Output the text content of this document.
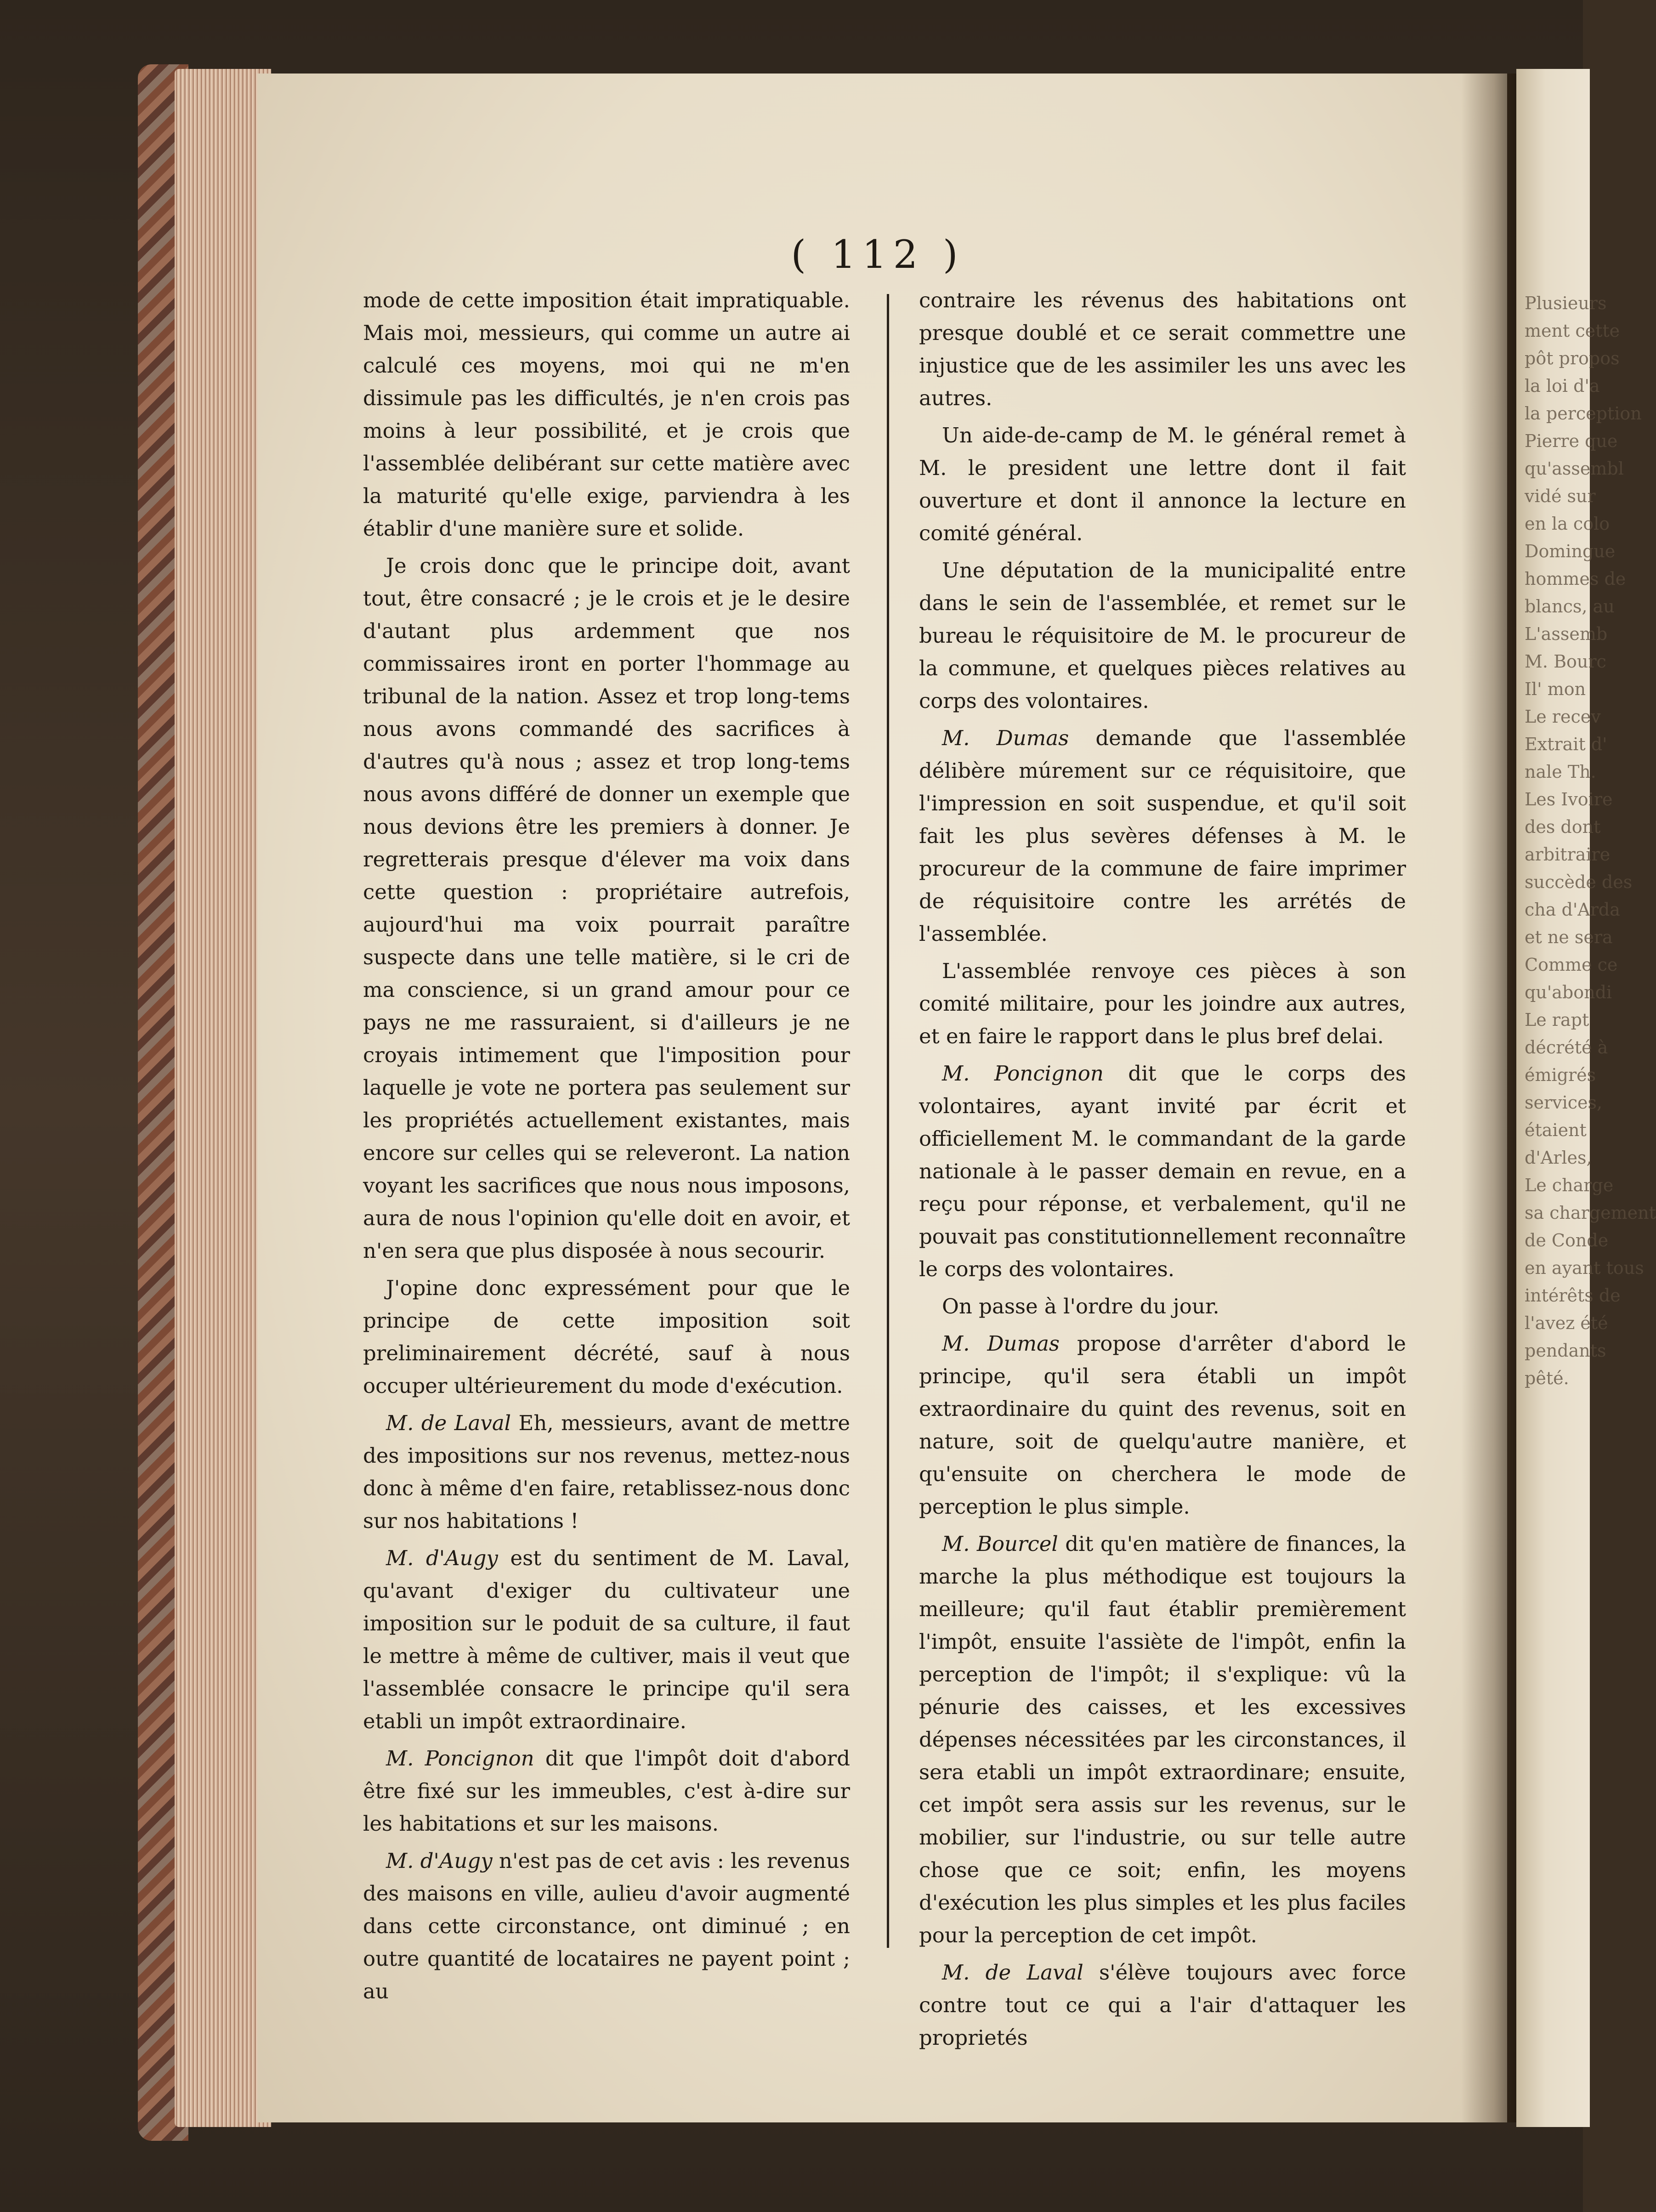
Plusieurs
ment cette
pôt propos
la loi d'a
la perception
Pierre que
qu'assembl
vidé sur
en la colo
Domingue
hommes de
blancs, au
L'assemb
M. Bourc
Il' mon
Le recev
Extrait d'
nale Th.
Les Ivoire
des dont
arbitraire
succède des
cha d'Arda
et ne sera
Comme ce
qu'abondi
Le rapt
décrété à
émigrés
services,
étaient
d'Arles,
Le charge
sa chargement
de Conde
en ayant tous
intérêts de
l'avez été
pendants
pêté.
( 112 )

mode de cette imposition était impratiquable. Mais moi, messieurs, qui comme un autre ai calculé ces moyens, moi qui ne m'en dissimule pas les difficultés, je n'en crois pas moins à leur possibilité, et je crois que l'assemblée delibérant sur cette matière avec la maturité qu'elle exige, parviendra à les établir d'une manière sure et solide.

Je crois donc que le principe doit, avant tout, être consacré ; je le crois et je le desire d'autant plus ardemment que nos commissaires iront en porter l'hommage au tribunal de la nation. Assez et trop long-tems nous avons commandé des sacrifices à d'autres qu'à nous ; assez et trop long-tems nous avons différé de donner un exemple que nous devions être les premiers à donner. Je regretterais presque d'élever ma voix dans cette question : propriétaire autrefois, aujourd'hui ma voix pourrait paraître suspecte dans une telle matière, si le cri de ma conscience, si un grand amour pour ce pays ne me rassuraient, si d'ailleurs je ne croyais intimement que l'imposition pour laquelle je vote ne portera pas seulement sur les propriétés actuellement existantes, mais encore sur celles qui se releveront. La nation voyant les sacrifices que nous nous imposons, aura de nous l'opinion qu'elle doit en avoir, et n'en sera que plus disposée à nous secourir.

J'opine donc expressément pour que le principe de cette imposition soit preliminairement décrété, sauf à nous occuper ultérieurement du mode d'exécution.

M. de Laval Eh, messieurs, avant de mettre des impositions sur nos revenus, mettez-nous donc à même d'en faire, retablissez-nous donc sur nos habitations !

M. d'Augy est du sentiment de M. Laval, qu'avant d'exiger du cultivateur une imposition sur le poduit de sa culture, il faut le mettre à même de cultiver, mais il veut que l'assemblée consacre le principe qu'il sera etabli un impôt extraordinaire.

M. Poncignon dit que l'impôt doit d'abord être fixé sur les immeubles, c'est à-dire sur les habitations et sur les maisons.

M. d'Augy n'est pas de cet avis : les revenus des maisons en ville, aulieu d'avoir augmenté dans cette circonstance, ont diminué ; en outre quantité de locataires ne payent point ; au

contraire les révenus des habitations ont presque doublé et ce serait commettre une injustice que de les assimiler les uns avec les autres.

Un aide-de-camp de M. le général remet à M. le president une lettre dont il fait ouverture et dont il annonce la lecture en comité général.

Une députation de la municipalité entre dans le sein de l'assemblée, et remet sur le bureau le réquisitoire de M. le procureur de la commune, et quelques pièces relatives au corps des volontaires.

M. Dumas demande que l'assemblée délibère múrement sur ce réquisitoire, que l'impression en soit suspendue, et qu'il soit fait les plus sevères défenses à M. le procureur de la commune de faire imprimer de réquisitoire contre les arrétés de l'assemblée.

L'assemblée renvoye ces pièces à son comité militaire, pour les joindre aux autres, et en faire le rapport dans le plus bref delai.

M. Poncignon dit que le corps des volontaires, ayant invité par écrit et officiellement M. le commandant de la garde nationale à le passer demain en revue, en a reçu pour réponse, et verbalement, qu'il ne pouvait pas constitutionnellement reconnaître le corps des volontaires.

On passe à l'ordre du jour.

M. Dumas propose d'arrêter d'abord le principe, qu'il sera établi un impôt extraordinaire du quint des revenus, soit en nature, soit de quelqu'autre manière, et qu'ensuite on cherchera le mode de perception le plus simple.

M. Bourcel dit qu'en matière de finances, la marche la plus méthodique est toujours la meilleure; qu'il faut établir premièrement l'impôt, ensuite l'assiète de l'impôt, enfin la perception de l'impôt; il s'explique: vû la pénurie des caisses, et les excessives dépenses nécessitées par les circonstances, il sera etabli un impôt extraordinare; ensuite, cet impôt sera assis sur les revenus, sur le mobilier, sur l'industrie, ou sur telle autre chose que ce soit; enfin, les moyens d'exécution les plus simples et les plus faciles pour la perception de cet impôt.

M. de Laval s'élève toujours avec force contre tout ce qui a l'air d'attaquer les proprietés
